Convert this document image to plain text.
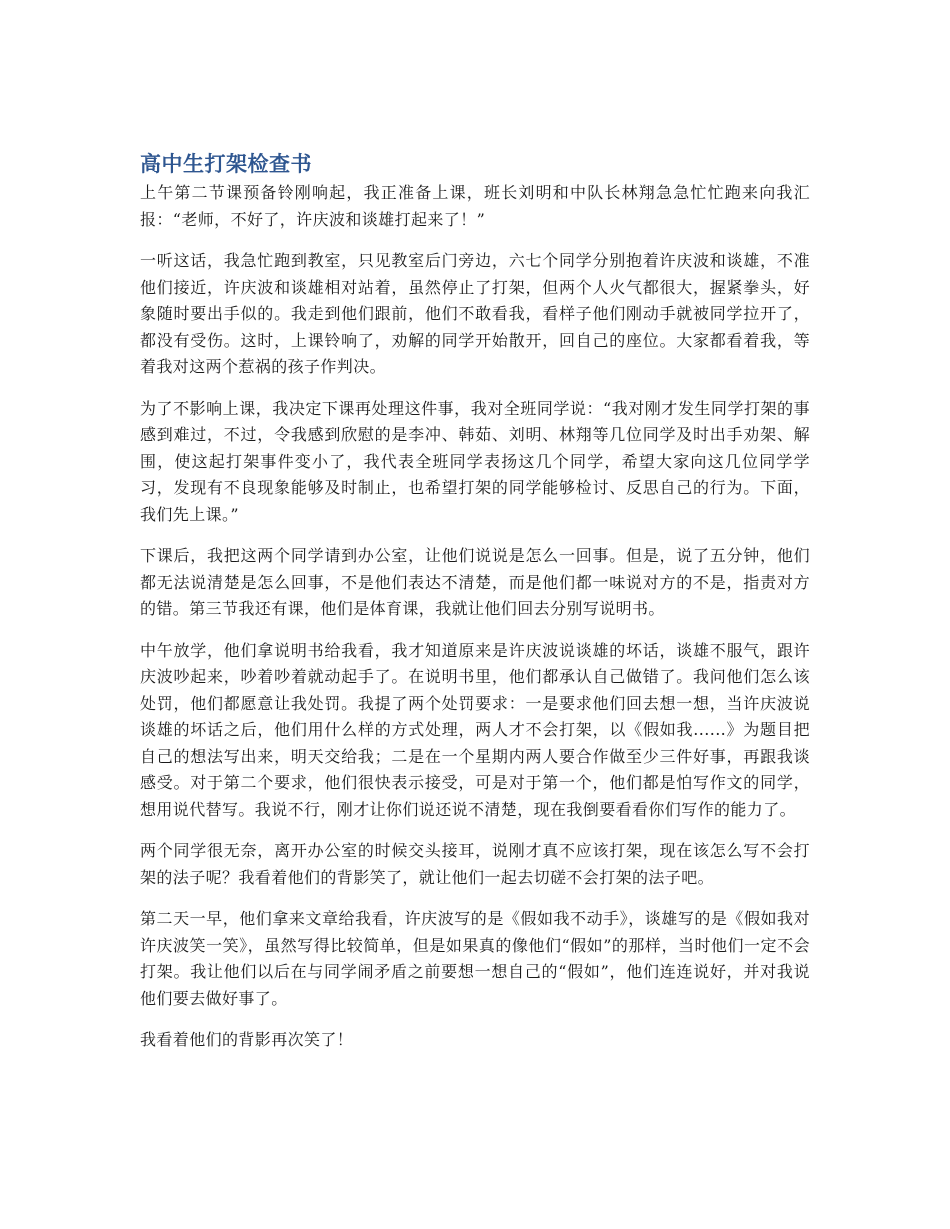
高中生打架检查书

上午第二节课预备铃刚响起，我正准备上课，班长刘明和中队长林翔急急忙忙跑来向我汇报：“老师，不好了，许庆波和谈雄打起来了！”

一听这话，我急忙跑到教室，只见教室后门旁边，六七个同学分别抱着许庆波和谈雄，不准他们接近，许庆波和谈雄相对站着，虽然停止了打架，但两个人火气都很大，握紧拳头，好象随时要出手似的。我走到他们跟前，他们不敢看我，看样子他们刚动手就被同学拉开了，都没有受伤。这时，上课铃响了，劝解的同学开始散开，回自己的座位。大家都看着我，等着我对这两个惹祸的孩子作判决。

为了不影响上课，我决定下课再处理这件事，我对全班同学说：“我对刚才发生同学打架的事感到难过，不过，令我感到欣慰的是李冲、韩茹、刘明、林翔等几位同学及时出手劝架、解围，使这起打架事件变小了，我代表全班同学表扬这几个同学，希望大家向这几位同学学习，发现有不良现象能够及时制止，也希望打架的同学能够检讨、反思自己的行为。下面，我们先上课。”

下课后，我把这两个同学请到办公室，让他们说说是怎么一回事。但是，说了五分钟，他们都无法说清楚是怎么回事，不是他们表达不清楚，而是他们都一味说对方的不是，指责对方的错。第三节我还有课，他们是体育课，我就让他们回去分别写说明书。

中午放学，他们拿说明书给我看，我才知道原来是许庆波说谈雄的坏话，谈雄不服气，跟许庆波吵起来，吵着吵着就动起手了。在说明书里，他们都承认自己做错了。我问他们怎么该处罚，他们都愿意让我处罚。我提了两个处罚要求：一是要求他们回去想一想，当许庆波说谈雄的坏话之后，他们用什么样的方式处理，两人才不会打架，以《假如我......》为题目把自己的想法写出来，明天交给我；二是在一个星期内两人要合作做至少三件好事，再跟我谈感受。对于第二个要求，他们很快表示接受，可是对于第一个，他们都是怕写作文的同学，想用说代替写。我说不行，刚才让你们说还说不清楚，现在我倒要看看你们写作的能力了。

两个同学很无奈，离开办公室的时候交头接耳，说刚才真不应该打架，现在该怎么写不会打架的法子呢？我看着他们的背影笑了，就让他们一起去切磋不会打架的法子吧。

第二天一早，他们拿来文章给我看，许庆波写的是《假如我不动手》，谈雄写的是《假如我对许庆波笑一笑》，虽然写得比较简单，但是如果真的像他们“假如”的那样，当时他们一定不会打架。我让他们以后在与同学闹矛盾之前要想一想自己的“假如”，他们连连说好，并对我说他们要去做好事了。

我看着他们的背影再次笑了！
